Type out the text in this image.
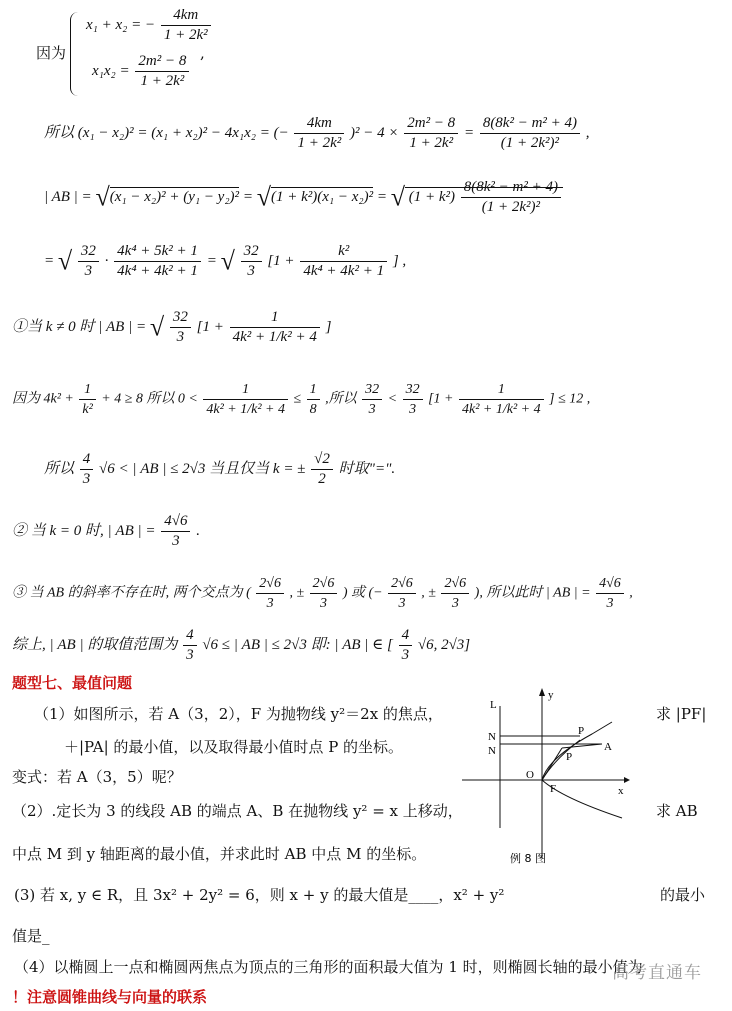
因为
x₁ + x₂ = − $\frac{4km}{\text{1 + 2k²}}$
$x_1x_2 = \frac{\text{2m² − 8}}{\text{1 + 2k²}}$ ,
所以 (x₁ − x₂)² = (x₁ + x₂)² − 4x₁x₂ = (− $\frac{4km}{\text{1 + 2k²}} )^2 - 4 \times \frac{\text{2m² − 8}}{\text{1 + 2k²}} = \frac{\text{8(8k² − m² + 4)}}{\text{(1 + 2k²)²}}$ ,
| AB | = √(x₁ − x₂)² + (y₁ − y₂)² = √(1 + k²)(x₁ − x₂)² = √ $(1 + k^2) \frac{\text{8(8k² − m² + 4)}}{\text{(1 + 2k²)²}}$
= √ $\frac{32}{3} \cdot \frac{\text{4k⁴ + 5k² + 1}}{\text{4k⁴ + 4k² + 1}}$ = √ $\frac{32}{3} [1 + \frac{\text{k²}}{\text{4k⁴ + 4k² + 1}}$ ] ,
①当 k ≠ 0 时 | AB | = √ $\frac{32}{3} [1 + \frac{1}{\text{4k² + 1/k² + 4}}$ ]
因为 $4k^2 + \frac{1}{\text{k²}} + 4 \ge 8$ 所以 $0 < \frac{1}{\text{4k² + 1/k² + 4}} \le \frac{1}{8}$ ,所以 $\frac{32}{3} < \frac{32}{3} [1 + \frac{1}{\text{4k² + 1/k² + 4}}$ ] ≤ 12 ,
所以 $\frac{4}{3} √6$ < | AB | ≤ 2√3 当且仅当 k = ± $\frac{√2}{2}$ 时取"=".
② 当 k = 0 时, | AB | = $\frac{4√6}{3}$ .
③ 当 AB 的斜率不存在时, 两个交点为 ( $\frac{2√6}{3}$ , ± $\frac{2√6}{3}$ ) 或 (− $\frac{2√6}{3}$ , ± $\frac{2√6}{3}$ ), 所以此时 | AB | = $\frac{4√6}{3}$ ,
综上, | AB | 的取值范围为 $\frac{4}{3} √6$ ≤ | AB | ≤ 2√3 即: | AB | ∈ [ $\frac{4}{3} √6$, 2√3]
题型七、最值问题
（1）如图所示，若 A（3，2），F 为抛物线 y²＝2x 的焦点，	求 |PF|
＋|PA| 的最小值，以及取得最小值时点 P 的坐标。
变式：若 A（3，5）呢？
（2）.定长为 3 的线段 AB 的端点 A、B 在抛物线 y² = x 上移动，	求 AB
中点 M 到 y 轴距离的最小值，并求此时 AB 中点 M 的坐标。
(3) 若 x, y ∈ R，且 3x² + 2y² = 6，则 x + y 的最大值是____，x² + y²	的最小
值是_
（4）以椭圆上一点和椭圆两焦点为顶点的三角形的面积最大值为 1 时，则椭圆长轴的最小值为
！注意圆锥曲线与向量的联系
高考直通车
L
y
N
N
P
P
A
O
F	x
例 8 图
